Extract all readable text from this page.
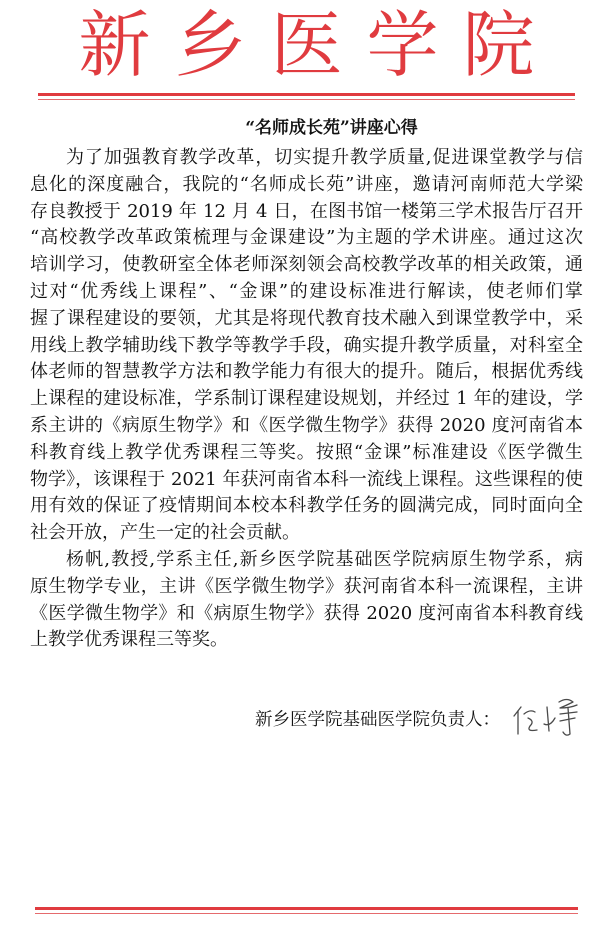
新乡医学院
“名师成长苑”讲座心得
为了加强教育教学改革，切实提升教学质量,促进课堂教学与信
息化的深度融合，我院的“名师成长苑”讲座，邀请河南师范大学梁
存良教授于 2019 年 12 月 4 日，在图书馆一楼第三学术报告厅召开
“高校教学改革政策梳理与金课建设”为主题的学术讲座。通过这次
培训学习，使教研室全体老师深刻领会高校教学改革的相关政策，通
过对“优秀线上课程”、“金课”的建设标准进行解读，使老师们掌
握了课程建设的要领，尤其是将现代教育技术融入到课堂教学中，采
用线上教学辅助线下教学等教学手段，确实提升教学质量，对科室全
体老师的智慧教学方法和教学能力有很大的提升。随后，根据优秀线
上课程的建设标准，学系制订课程建设规划，并经过 1 年的建设，学
系主讲的《病原生物学》和《医学微生物学》获得 2020 度河南省本
科教育线上教学优秀课程三等奖。按照“金课”标准建设《医学微生
物学》，该课程于 2021 年获河南省本科一流线上课程。这些课程的使
用有效的保证了疫情期间本校本科教学任务的圆满完成，同时面向全
社会开放，产生一定的社会贡献。
杨帆,教授,学系主任,新乡医学院基础医学院病原生物学系，病
原生物学专业，主讲《医学微生物学》获河南省本科一流课程，主讲
《医学微生物学》和《病原生物学》获得 2020 度河南省本科教育线
上教学优秀课程三等奖。
新乡医学院基础医学院负责人：
